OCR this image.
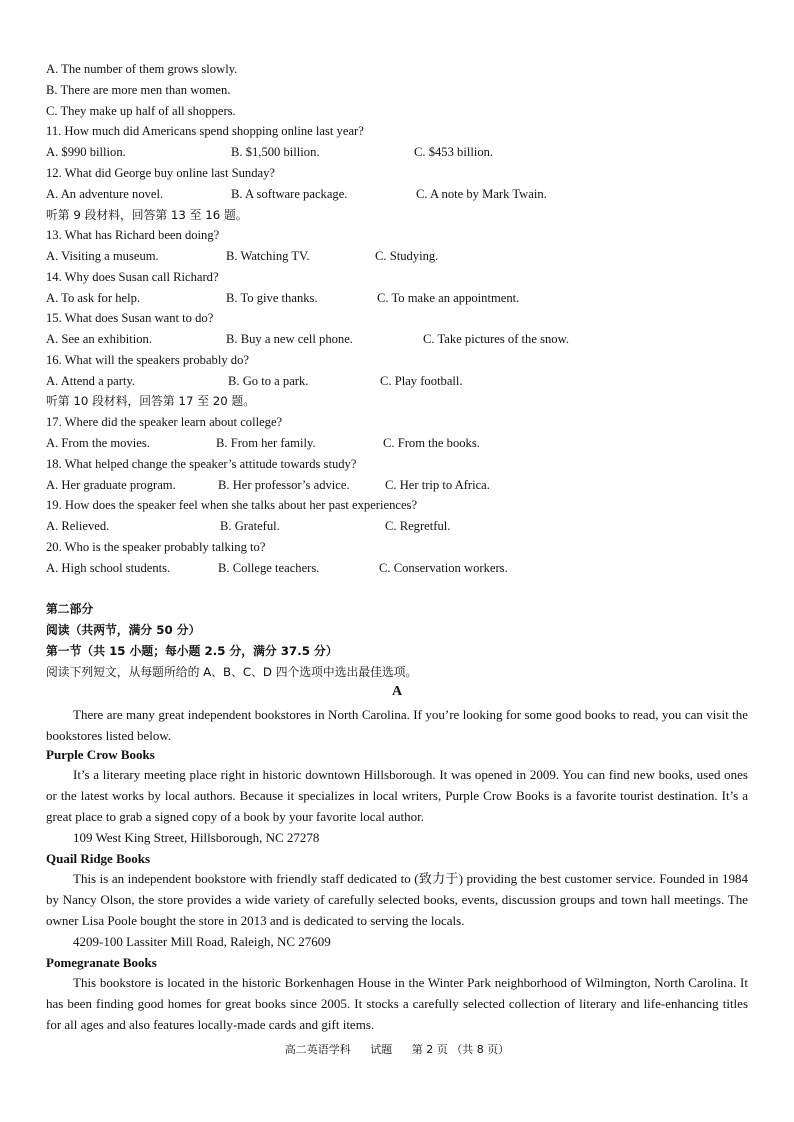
A. The number of them grows slowly.
B. There are more men than women.
C. They make up half of all shoppers.
11. How much did Americans spend shopping online last year?
A. $990 billion.	B. $1,500 billion.	C. $453 billion.
12. What did George buy online last Sunday?
A. An adventure novel.	B. A software package.	C. A note by Mark Twain.
听第 9 段材料，回答第 13 至 16 题。
13. What has Richard been doing?
A. Visiting a museum.	B. Watching TV.	C. Studying.
14. Why does Susan call Richard?
A. To ask for help.	B. To give thanks.	C. To make an appointment.
15. What does Susan want to do?
A. See an exhibition.	B. Buy a new cell phone.	C. Take pictures of the snow.
16. What will the speakers probably do?
A. Attend a party.	B. Go to a park.	C. Play football.
听第 10 段材料，回答第 17 至 20 题。
17. Where did the speaker learn about college?
A. From the movies.	B. From her family.	C. From the books.
18. What helped change the speaker’s attitude towards study?
A. Her graduate program.	B. Her professor’s advice.	C. Her trip to Africa.
19. How does the speaker feel when she talks about her past experiences?
A. Relieved.	B. Grateful.	C. Regretful.
20. Who is the speaker probably talking to?
A. High school students.	B. College teachers.	C. Conservation workers.
第二部分
阅读（共两节，满分 50 分）
第一节（共 15 小题；每小题 2.5 分，满分 37.5 分）
阅读下列短文，从每题所给的 A、B、C、D 四个选项中选出最佳选项。
A

There are many great independent bookstores in North Carolina. If you’re looking for some good books to read, you can visit the bookstores listed below.

Purple Crow Books

It’s a literary meeting place right in historic downtown Hillsborough. It was opened in 2009. You can find new books, used ones or the latest works by local authors. Because it specializes in local writers, Purple Crow Books is a favorite tourist destination. It’s a great place to grab a signed copy of a book by your favorite local author.

109 West King Street, Hillsborough, NC 27278
Quail Ridge Books

This is an independent bookstore with friendly staff dedicated to (致力于) providing the best customer service. Founded in 1984 by Nancy Olson, the store provides a wide variety of carefully selected books, events, discussion groups and town hall meetings. The owner Lisa Poole bought the store in 2013 and is dedicated to serving the locals.

4209-100 Lassiter Mill Road, Raleigh, NC 27609
Pomegranate Books

This bookstore is located in the historic Borkenhagen House in the Winter Park neighborhood of Wilmington, North Carolina. It has been finding good homes for great books since 2005. It stocks a carefully selected collection of literary and life-enhancing titles for all ages and also features locally-made cards and gift items.

高二英语学科 试题 第 2 页 （共 8 页）
